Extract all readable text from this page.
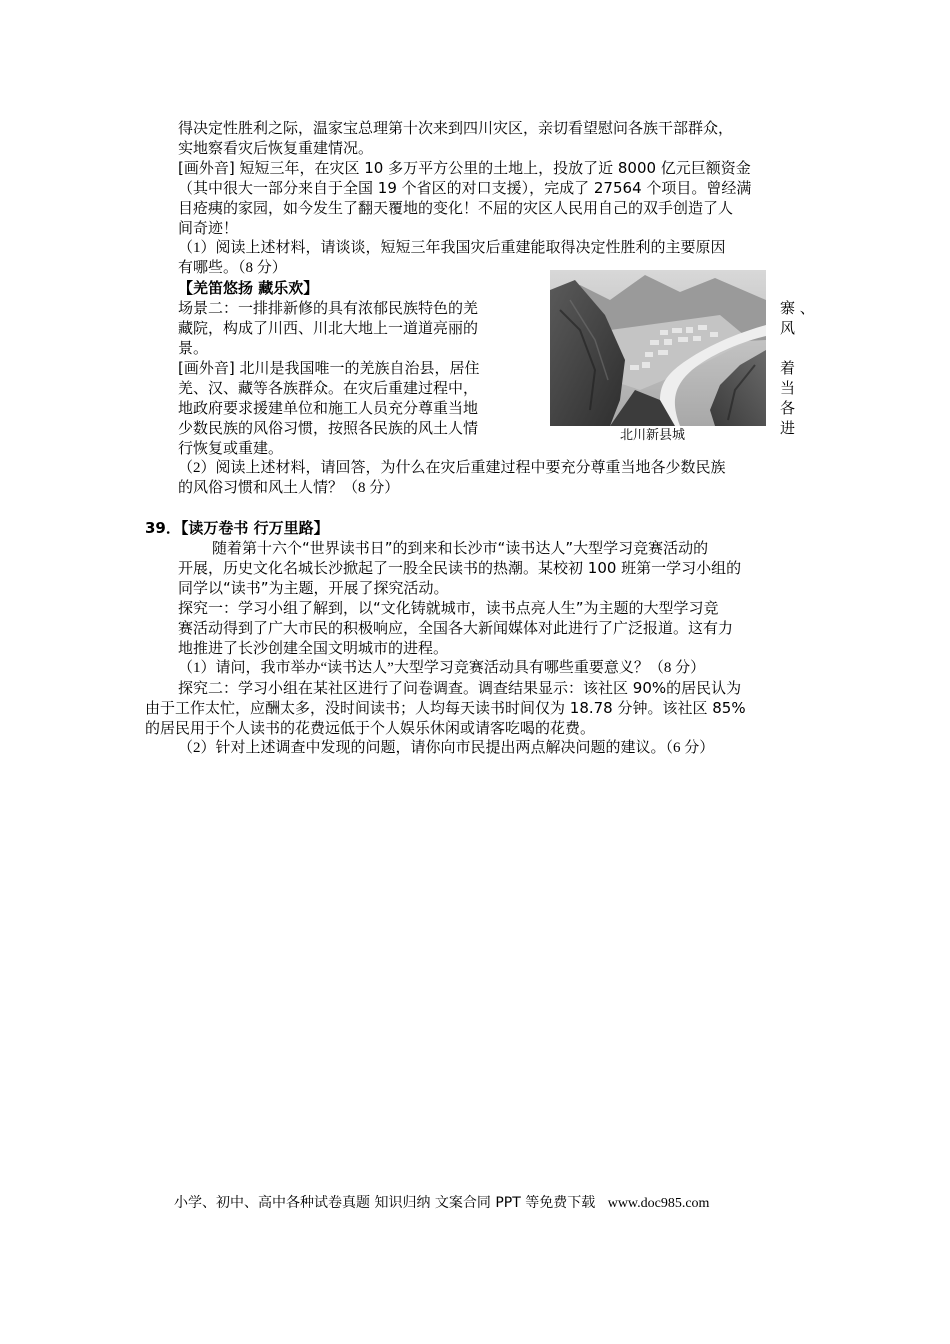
得决定性胜利之际，温家宝总理第十次来到四川灾区，亲切看望慰问各族干部群众，
实地察看灾后恢复重建情况。
[画外音] 短短三年，在灾区 10 多万平方公里的土地上，投放了近 8000 亿元巨额资金
（其中很大一部分来自于全国 19 个省区的对口支援），完成了 27564 个项目。曾经满
目疮痍的家园，如今发生了翻天覆地的变化！不屈的灾区人民用自己的双手创造了人
间奇迹！
（1）阅读上述材料，请谈谈，短短三年我国灾后重建能取得决定性胜利的主要原因
有哪些。（8 分）
【羌笛悠扬 藏乐欢】
场景二：一排排新修的具有浓郁民族特色的羌	寨 、
藏院，构成了川西、川北大地上一道道亮丽的	风
景。
[画外音] 北川是我国唯一的羌族自治县，居住	着
羌、汉、藏等各族群众。在灾后重建过程中，	当
地政府要求援建单位和施工人员充分尊重当地	各
少数民族的风俗习惯，按照各民族的风土人情	进
行恢复或重建。
北川新县城
（2）阅读上述材料，请回答，为什么在灾后重建过程中要充分尊重当地各少数民族
的风俗习惯和风土人情？（8 分）
39．【读万卷书 行万里路】
随着第十六个“世界读书日”的到来和长沙市“读书达人”大型学习竞赛活动的
开展，历史文化名城长沙掀起了一股全民读书的热潮。某校初 100 班第一学习小组的
同学以“读书”为主题，开展了探究活动。
探究一：学习小组了解到，以“文化铸就城市，读书点亮人生”为主题的大型学习竞
赛活动得到了广大市民的积极响应，全国各大新闻媒体对此进行了广泛报道。这有力
地推进了长沙创建全国文明城市的进程。
（1）请问，我市举办“读书达人”大型学习竞赛活动具有哪些重要意义？（8 分）
探究二：学习小组在某社区进行了问卷调查。调查结果显示：该社区 90%的居民认为
由于工作太忙，应酬太多，没时间读书；人均每天读书时间仅为 18.78 分钟。该社区 85%
的居民用于个人读书的花费远低于个人娱乐休闲或请客吃喝的花费。
（2）针对上述调查中发现的问题，请你向市民提出两点解决问题的建议。（6 分）
小学、初中、高中各种试卷真题 知识归纳 文案合同 PPT 等免费下载 www.doc985.com
